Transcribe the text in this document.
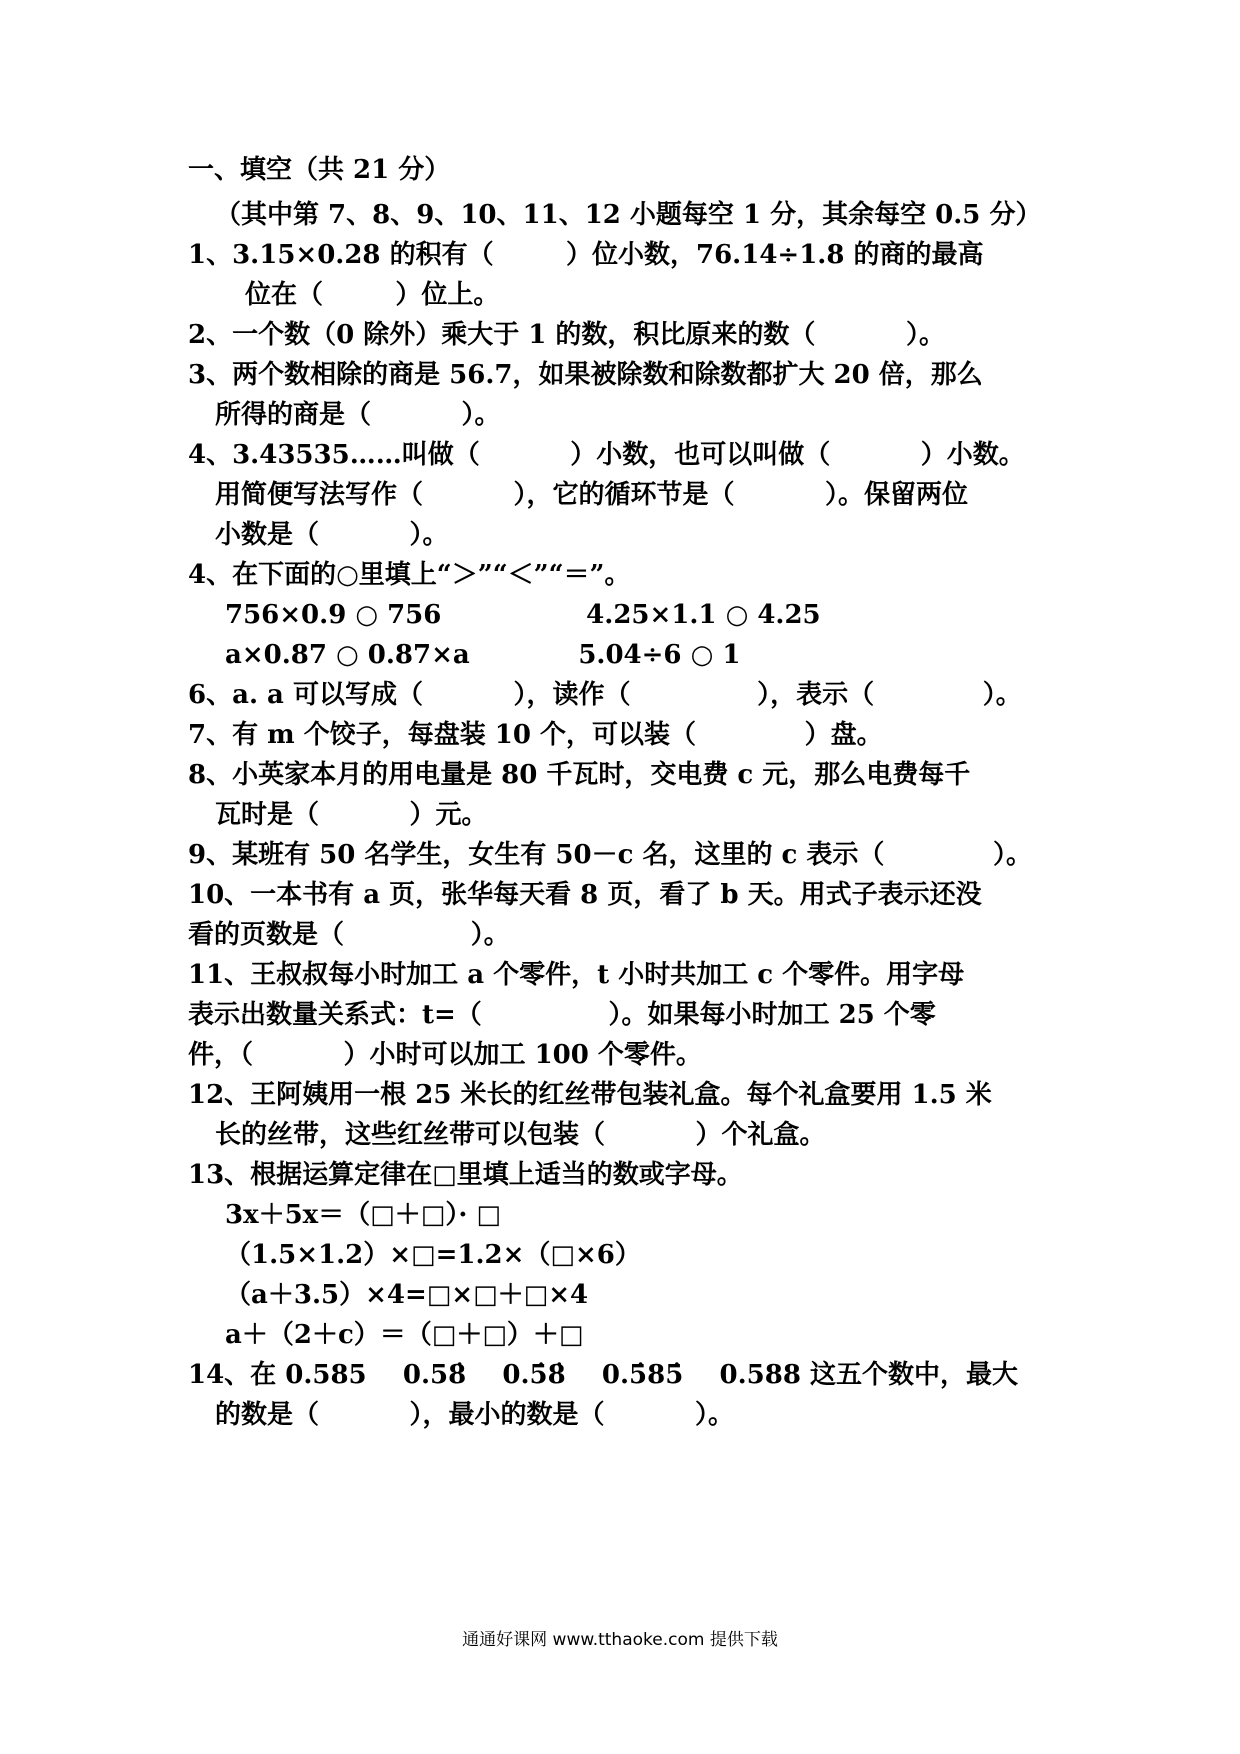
一、填空（共 21 分）
（其中第 7、8、9、10、11、12 小题每空 1 分，其余每空 0.5 分）
1、3.15×0.28 的积有（        ）位小数，76.14÷1.8 的商的最高
位在（        ）位上。
2、一个数（0 除外）乘大于 1 的数，积比原来的数（          ）。
3、两个数相除的商是 56.7，如果被除数和除数都扩大 20 倍，那么
所得的商是（          ）。
4、3.43535……叫做（          ）小数，也可以叫做（          ）小数。
用简便写法写作（          ），它的循环节是（          ）。保留两位
小数是（          ）。
4、在下面的○里填上“＞”“＜”“＝”。
756×0.9 ○ 756                4.25×1.1 ○ 4.25
a×0.87 ○ 0.87×a            5.04÷6 ○ 1
6、a. a 可以写成（          ），读作（              ），表示（            ）。
7、有 m 个饺子，每盘装 10 个，可以装（            ）盘。
8、小英家本月的用电量是 80 千瓦时，交电费 c 元，那么电费每千
瓦时是（          ）元。
9、某班有 50 名学生，女生有 50－c 名，这里的 c 表示（            ）。
10、一本书有 a 页，张华每天看 8 页，看了 b 天。用式子表示还没
看的页数是（              ）。
11、王叔叔每小时加工 a 个零件，t 小时共加工 c 个零件。用字母
表示出数量关系式：t=（              ）。如果每小时加工 25 个零
件，（          ）小时可以加工 100 个零件。
12、王阿姨用一根 25 米长的红丝带包装礼盒。每个礼盒要用 1.5 米
长的丝带，这些红丝带可以包装（          ）个礼盒。
13、根据运算定律在□里填上适当的数或字母。
3x＋5x＝（□＋□）· □
（1.5×1.2）×□=1.2×（□×6）
（a＋3.5）×4=□×□＋□×4
a＋（2＋c）＝（□＋□）＋□
14、在 0.585    0.58̇    0.5̇8̇    0.5̇85̇    0.588 这五个数中，最大
的数是（          ），最小的数是（          ）。
通通好课网 www.tthaoke.com 提供下载
